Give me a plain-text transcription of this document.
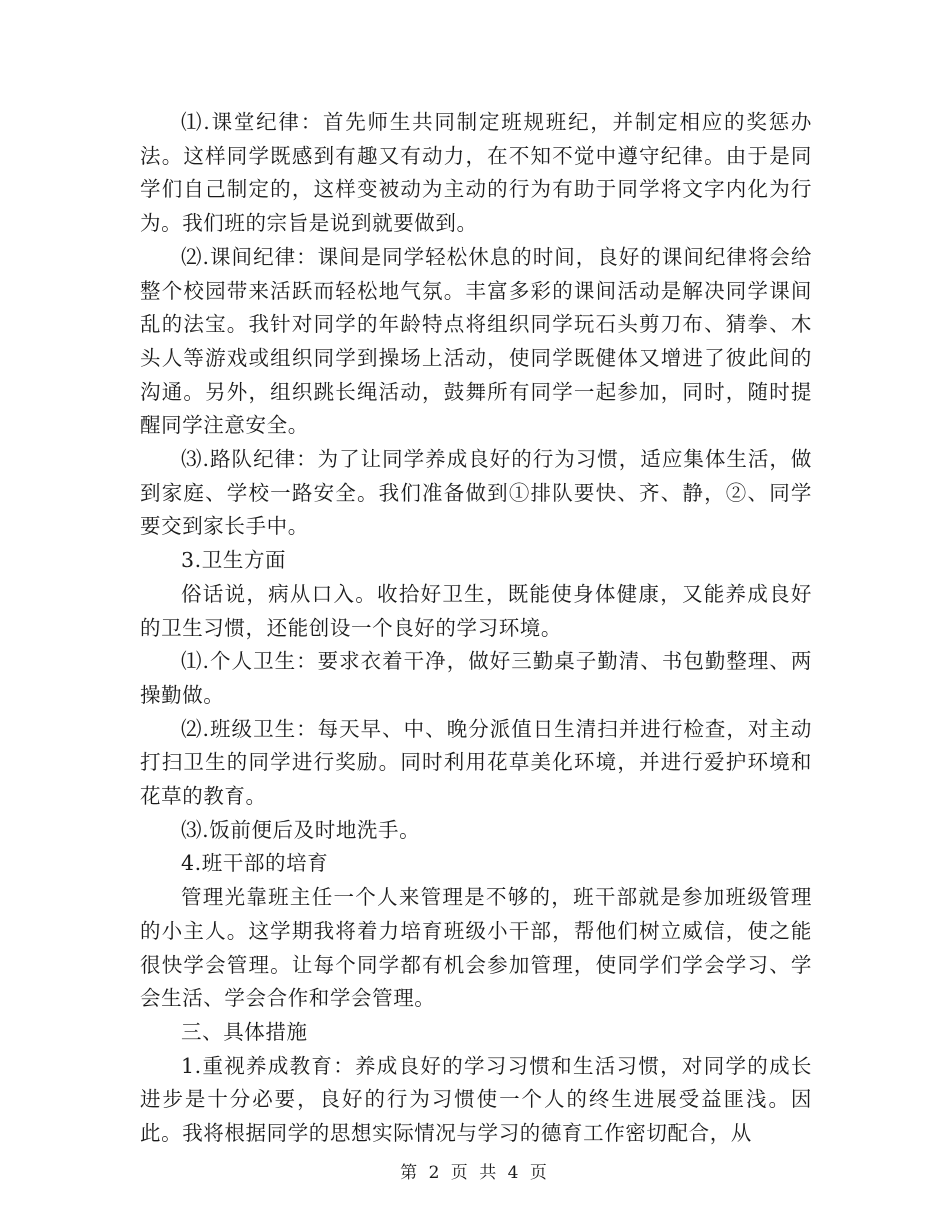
⑴.课堂纪律：首先师生共同制定班规班纪，并制定相应的奖惩办法。这样同学既感到有趣又有动力，在不知不觉中遵守纪律。由于是同学们自己制定的，这样变被动为主动的行为有助于同学将文字内化为行为。我们班的宗旨是说到就要做到。

⑵.课间纪律：课间是同学轻松休息的时间，良好的课间纪律将会给整个校园带来活跃而轻松地气氛。丰富多彩的课间活动是解决同学课间乱的法宝。我针对同学的年龄特点将组织同学玩石头剪刀布、猜拳、木头人等游戏或组织同学到操场上活动，使同学既健体又增进了彼此间的沟通。另外，组织跳长绳活动，鼓舞所有同学一起参加，同时，随时提醒同学注意安全。

⑶.路队纪律：为了让同学养成良好的行为习惯，适应集体生活，做到家庭、学校一路安全。我们准备做到①排队要快、齐、静，②、同学要交到家长手中。

3.卫生方面

俗话说，病从口入。收拾好卫生，既能使身体健康，又能养成良好的卫生习惯，还能创设一个良好的学习环境。

⑴.个人卫生：要求衣着干净，做好三勤桌子勤清、书包勤整理、两操勤做。

⑵.班级卫生：每天早、中、晚分派值日生清扫并进行检查，对主动打扫卫生的同学进行奖励。同时利用花草美化环境，并进行爱护环境和花草的教育。

⑶.饭前便后及时地洗手。

4.班干部的培育

管理光靠班主任一个人来管理是不够的，班干部就是参加班级管理的小主人。这学期我将着力培育班级小干部，帮他们树立威信，使之能很快学会管理。让每个同学都有机会参加管理，使同学们学会学习、学会生活、学会合作和学会管理。

三、具体措施

1.重视养成教育：养成良好的学习习惯和生活习惯，对同学的成长进步是十分必要，良好的行为习惯使一个人的终生进展受益匪浅。因此。我将根据同学的思想实际情况与学习的德育工作密切配合，从

第 2 页 共 4 页
